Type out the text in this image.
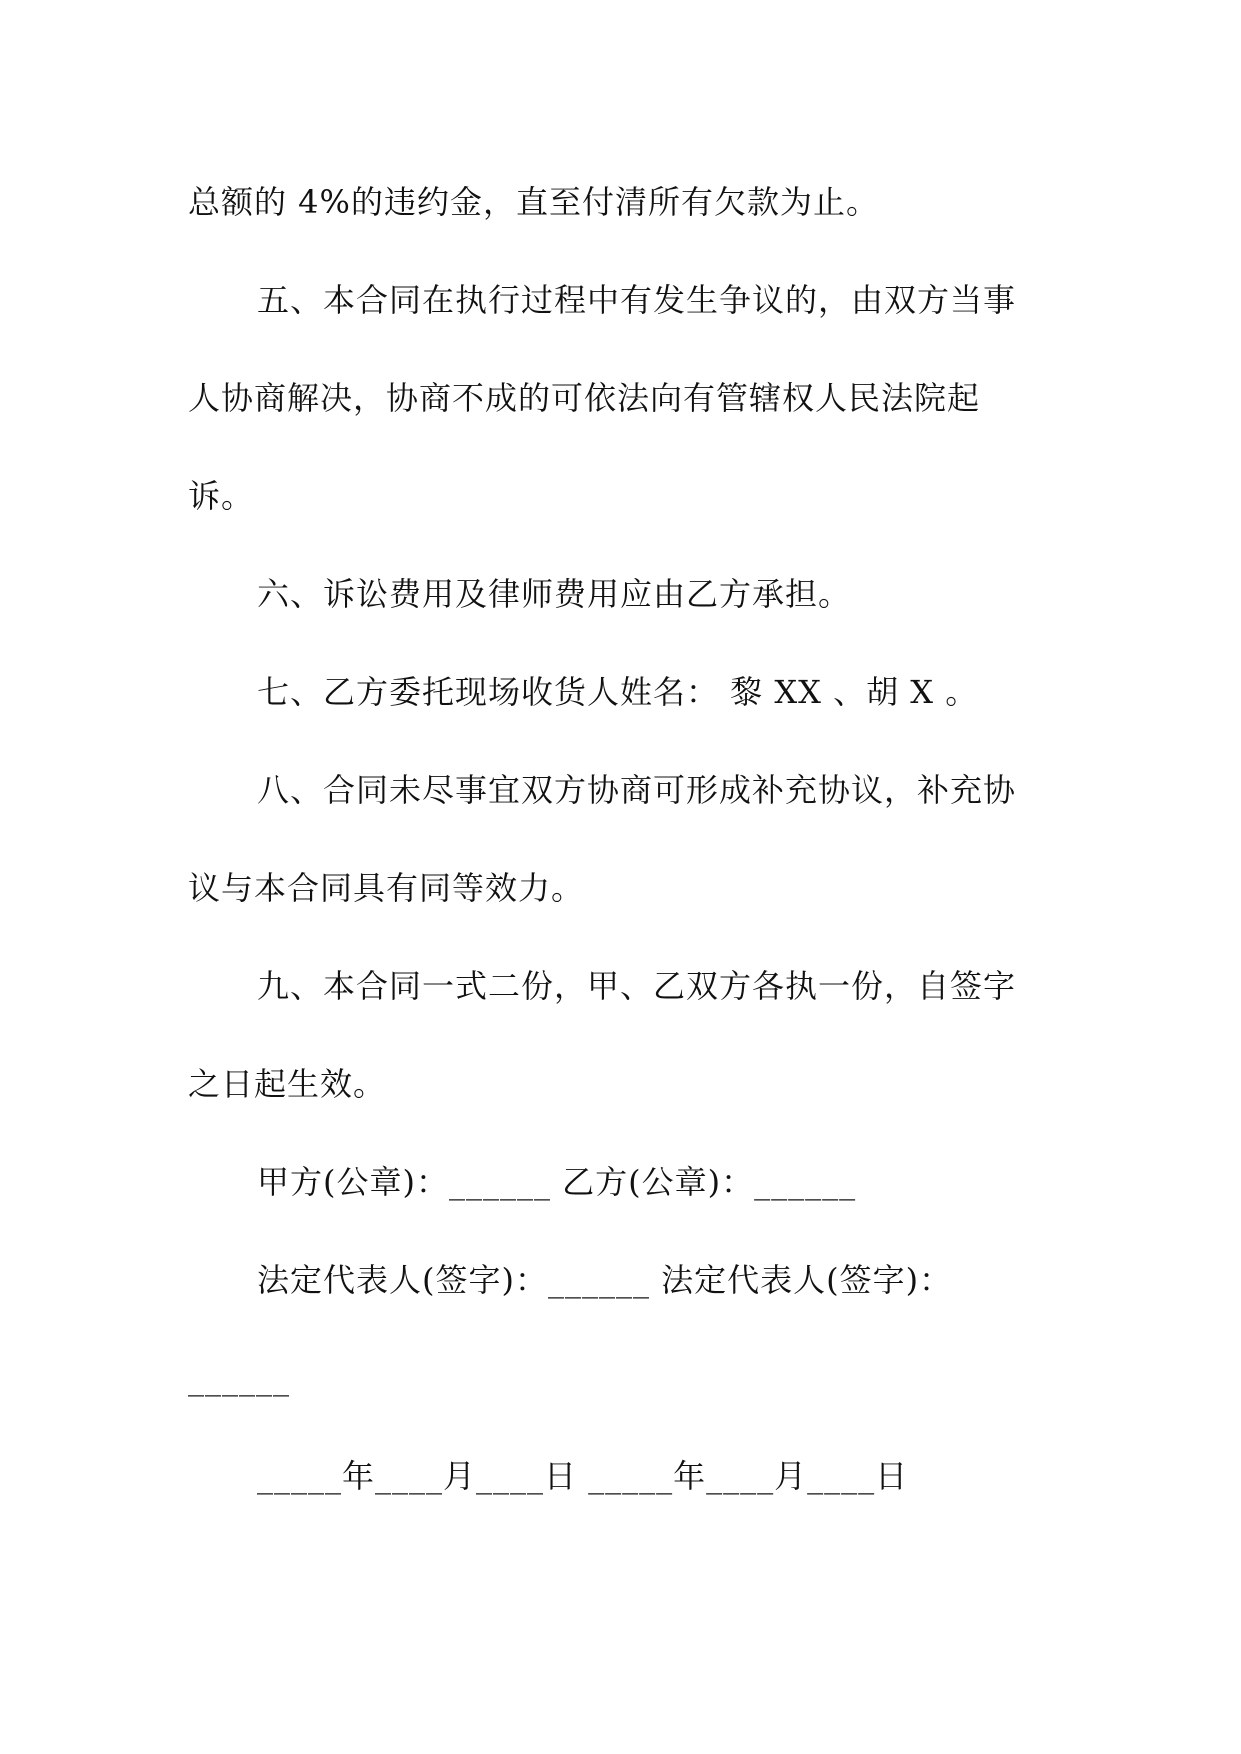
总额的 4%的违约金，直至付清所有欠款为止。
五、本合同在执行过程中有发生争议的，由双方当事
人协商解决，协商不成的可依法向有管辖权人民法院起
诉。
六、诉讼费用及律师费用应由乙方承担。
七、乙方委托现场收货人姓名： 黎 XX 、胡 X 。
八、合同未尽事宜双方协商可形成补充协议，补充协
议与本合同具有同等效力。
九、本合同一式二份，甲、乙双方各执一份，自签字
之日起生效。
甲方(公章)：______ 乙方(公章)：______
法定代表人(签字)：______ 法定代表人(签字)：
______
_____年____月____日 _____年____月____日
